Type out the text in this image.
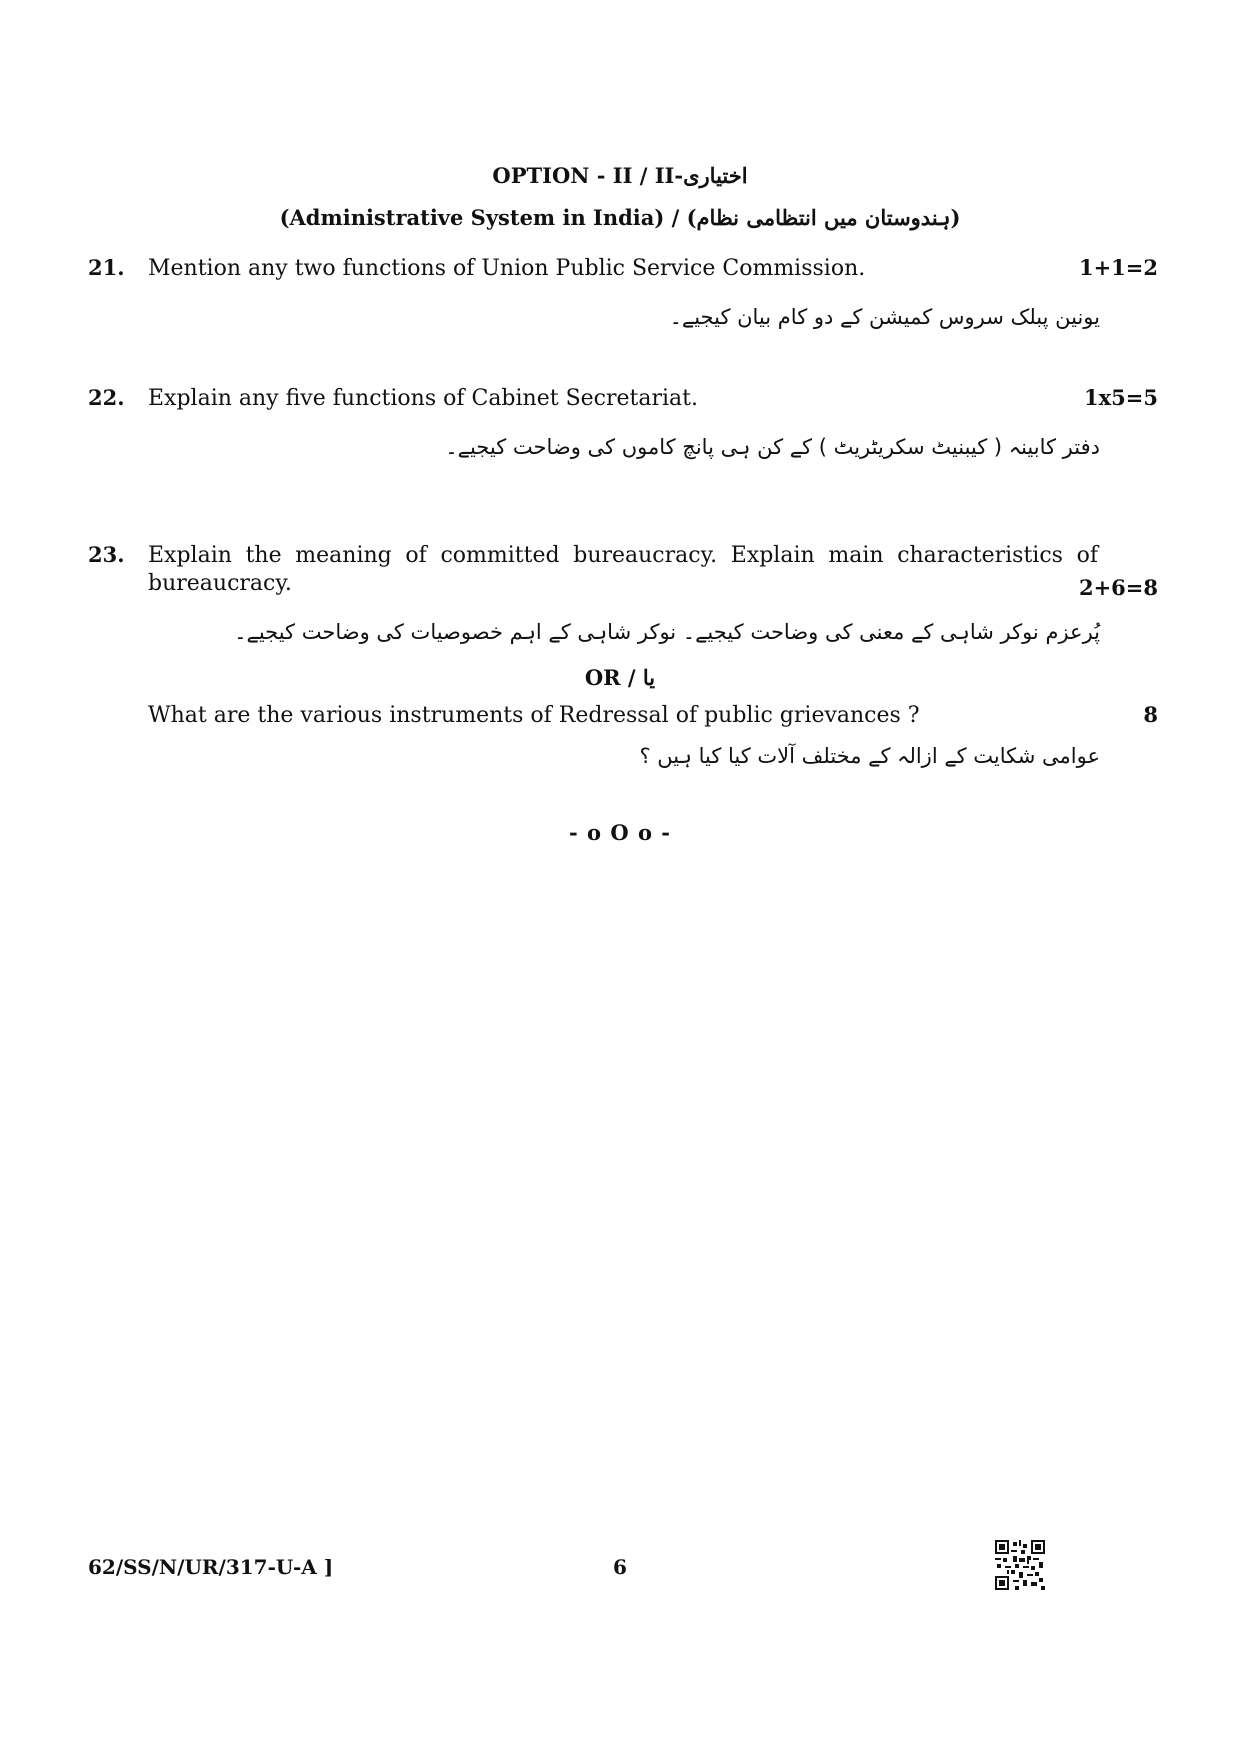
OPTION - II / II-اختیاری
(Administrative System in India) / (ہندوستان میں انتظامی نظام)
21. Mention any two functions of Union Public Service Commission.	1+1=2
یونین پبلک سروس کمیشن کے دو کام بیان کیجیے۔
22. Explain any five functions of Cabinet Secretariat.	1x5=5
دفتر کابینہ ( کیبنیٹ سکریٹریٹ ) کے کن ہی پانچ کاموں کی وضاحت کیجیے۔
23. Explain the meaning of committed bureaucracy. Explain main characteristics of
bureaucracy.	2+6=8
پُرعزم نوکر شاہی کے معنی کی وضاحت کیجیے۔ نوکر شاہی کے اہم خصوصیات کی وضاحت کیجیے۔
What are the various instruments of Redressal of public grievances ?	8
عوامی شکایت کے ازالہ کے مختلف آلات کیا کیا ہیں ؟
OR / یا
- o O o -
62/SS/N/UR/317-U-A ]	6
